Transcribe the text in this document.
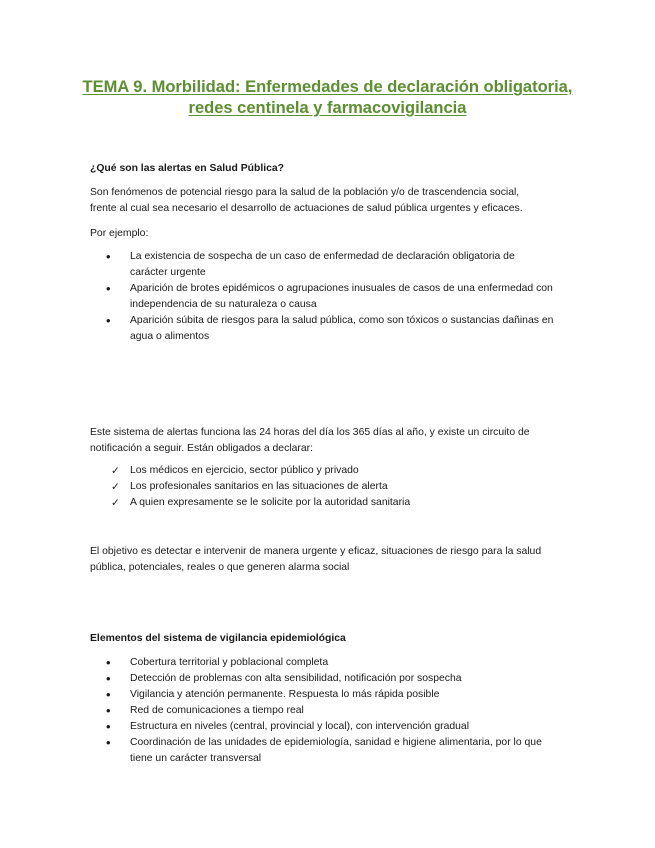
TEMA 9. Morbilidad: Enfermedades de declaración obligatoria,
redes centinela y farmacovigilancia

¿Qué son las alertas en Salud Pública?

Son fenómenos de potencial riesgo para la salud de la población y/o de trascendencia social,
frente al cual sea necesario el desarrollo de actuaciones de salud pública urgentes y eficaces.

Por ejemplo:

• La existencia de sospecha de un caso de enfermedad de declaración obligatoria de
carácter urgente
• Aparición de brotes epidémicos o agrupaciones inusuales de casos de una enfermedad con
independencia de su naturaleza o causa
• Aparición súbita de riesgos para la salud pública, como son tóxicos o sustancias dañinas en
agua o alimentos

Este sistema de alertas funciona las 24 horas del día los 365 días al año, y existe un circuito de
notificación a seguir. Están obligados a declarar:

✓ Los médicos en ejercicio, sector público y privado
✓ Los profesionales sanitarios en las situaciones de alerta
✓ A quien expresamente se le solicite por la autoridad sanitaria

El objetivo es detectar e intervenir de manera urgente y eficaz, situaciones de riesgo para la salud
pública, potenciales, reales o que generen alarma social

Elementos del sistema de vigilancia epidemiológica

• Cobertura territorial y poblacional completa
• Detección de problemas con alta sensibilidad, notificación por sospecha
• Vigilancia y atención permanente. Respuesta lo más rápida posible
• Red de comunicaciones a tiempo real
• Estructura en niveles (central, provincial y local), con intervención gradual
• Coordinación de las unidades de epidemiología, sanidad e higiene alimentaria, por lo que
tiene un carácter transversal
